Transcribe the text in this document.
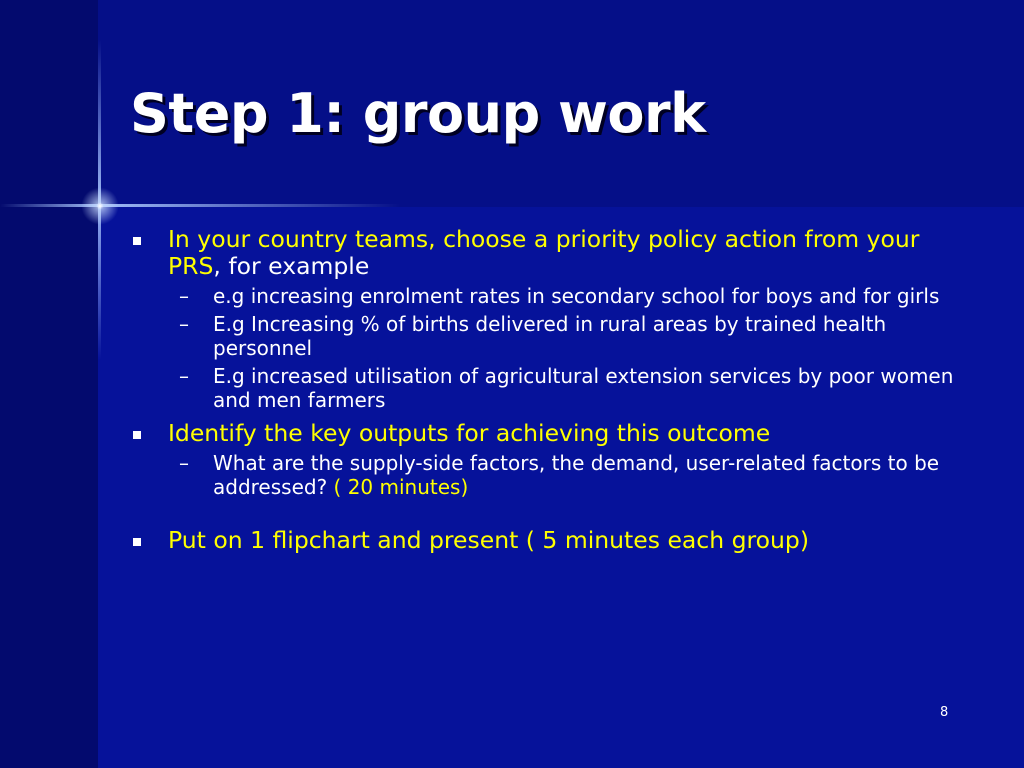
Step 1: group work
In your country teams, choose a priority policy action from your PRS, for example
– e.g increasing enrolment rates in secondary school for boys and for girls
– E.g Increasing % of births delivered in rural areas by trained health personnel
– E.g increased utilisation of agricultural extension services by poor women and men farmers
Identify the key outputs for achieving this outcome
– What are the supply-side factors, the demand, user-related factors to be addressed? ( 20 minutes)
Put on 1 flipchart and present ( 5 minutes each group)
8
